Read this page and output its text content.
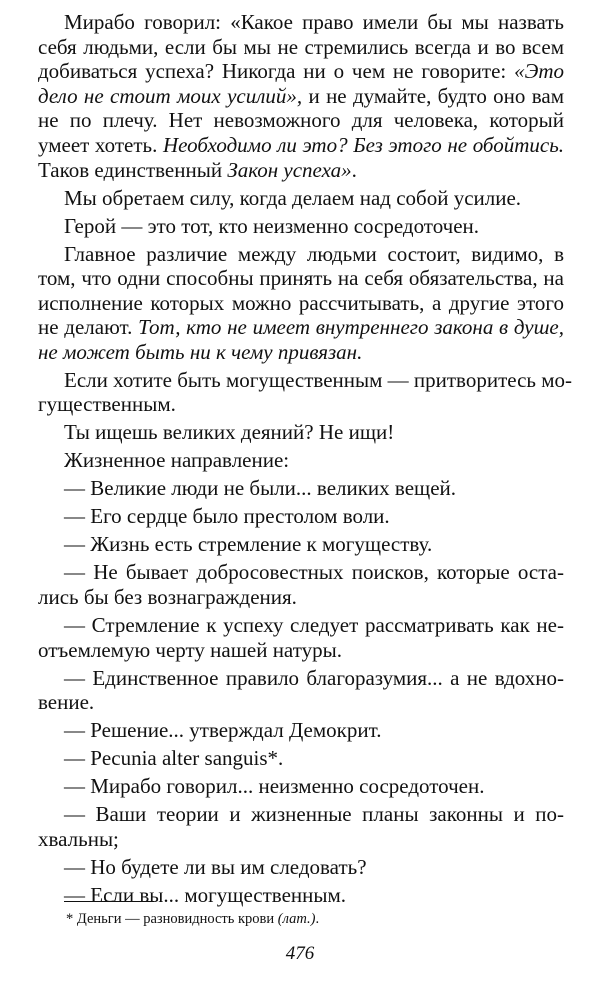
Мирабо говорил: «Какое право имели бы мы назвать
себя людьми, если бы мы не стремились всегда и во всем
добиваться успеха? Никогда ни о чем не говорите: «Это
дело не стоит моих усилий», и не думайте, будто оно вам
не по плечу. Нет невозможного для человека, который
умеет хотеть. Необходимо ли это? Без этого не обойтись.
Таков единственный Закон успеха».
Мы обретаем силу, когда делаем над собой усилие.
Герой — это тот, кто неизменно сосредоточен.
Главное различие между людьми состоит, видимо, в
том, что одни способны принять на себя обязательства, на
исполнение которых можно рассчитывать, а другие этого
не делают. Тот, кто не имеет внутреннего закона в душе,
не может быть ни к чему привязан.
Если хотите быть могущественным — притворитесь мо-
гущественным.
Ты ищешь великих деяний? Не ищи!
Жизненное направление:
— Великие люди не были... великих вещей.
— Его сердце было престолом воли.
— Жизнь есть стремление к могуществу.
— Не бывает добросовестных поисков, которые оста-
лись бы без вознаграждения.
— Стремление к успеху следует рассматривать как не-
отъемлемую черту нашей натуры.
— Единственное правило благоразумия... а не вдохно-
вение.
— Решение... утверждал Демокрит.
— Pecunia alter sanguis*.
— Мирабо говорил... неизменно сосредоточен.
— Ваши теории и жизненные планы законны и по-
хвальны;
— Но будете ли вы им следовать?
— Если вы... могущественным.
* Деньги — разновидность крови (лат.).
476
